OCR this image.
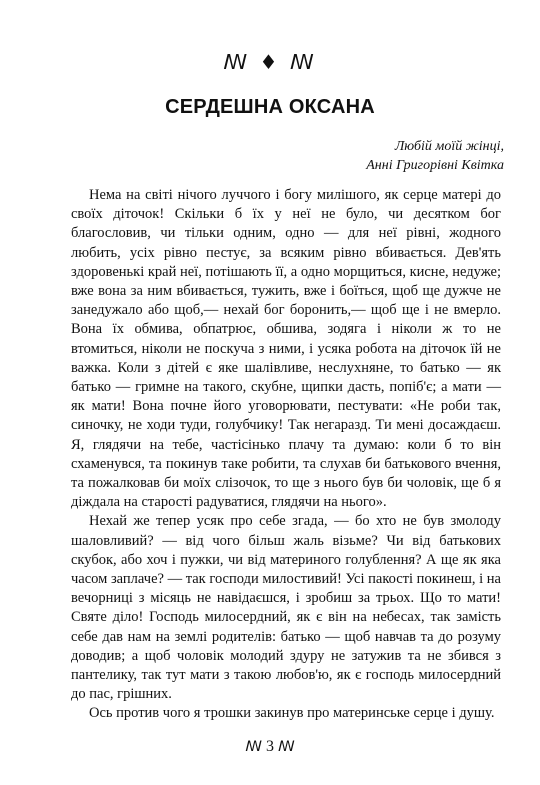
ꟿ ♦ ꟿ
СЕРДЕШНА ОКСАНА
Любій моїй жінці,
Анні Григорівні Квітка

Нема на світі нічого луччого і богу милішого, як серце матері до своїх діточок! Скільки б їх у неї не було, чи десятком бог благословив, чи тільки одним, одно — для неї рівні, жодного любить, усіх рівно пестує, за всяким рівно вбивається. Дев'ять здоровенькі край неї, потішають її, а одно морщиться, кисне, недуже; вже вона за ним вбивається, тужить, вже і боїться, щоб ще дужче не занедужало або щоб,— нехай бог боронить,— щоб ще і не вмерло. Вона їх обмива, обпатрює, обшива, зодяга і ніколи ж то не втомиться, ніколи не поскуча з ними, і усяка робота на діточок їй не важка. Коли з дітей є яке шалівливе, неслухняне, то батько — як батько — гримне на такого, скубне, щипки дасть, попіб'є; а мати — як мати! Вона почне його уговорювати, пестувати: «Не роби так, синочку, не ходи туди, голубчику! Так негаразд. Ти мені досаждаєш. Я, глядячи на тебе, частісінько плачу та думаю: коли б то він схаменувся, та покинув таке робити, та слухав би батькового вчення, та пожалковав би моїх слізочок, то ще з нього був би чоловік, ще б я діждала на старості радуватися, глядячи на нього».

Нехай же тепер усяк про себе згада, — бо хто не був змолоду шаловливий? — від чого більш жаль візьме? Чи від батькових скубок, або хоч і пужки, чи від материного голублення? А ще як яка часом заплаче? — так господи милостивий! Усі пакості покинеш, і на вечорниці з місяць не навідаєшся, і зробиш за трьох. Що то мати! Святе діло! Господь милосердний, як є він на небесах, так замість себе дав нам на землі родителів: батько — щоб навчав та до розуму доводив; а щоб чоловік молодий здуру не затужив та не збився з пантелику, так тут мати з такою любов'ю, як є господь милосердний до пас, грішних.

Ось против чого я трошки закинув про материнське серце і душу.

ꟿ 3 ꟿ
